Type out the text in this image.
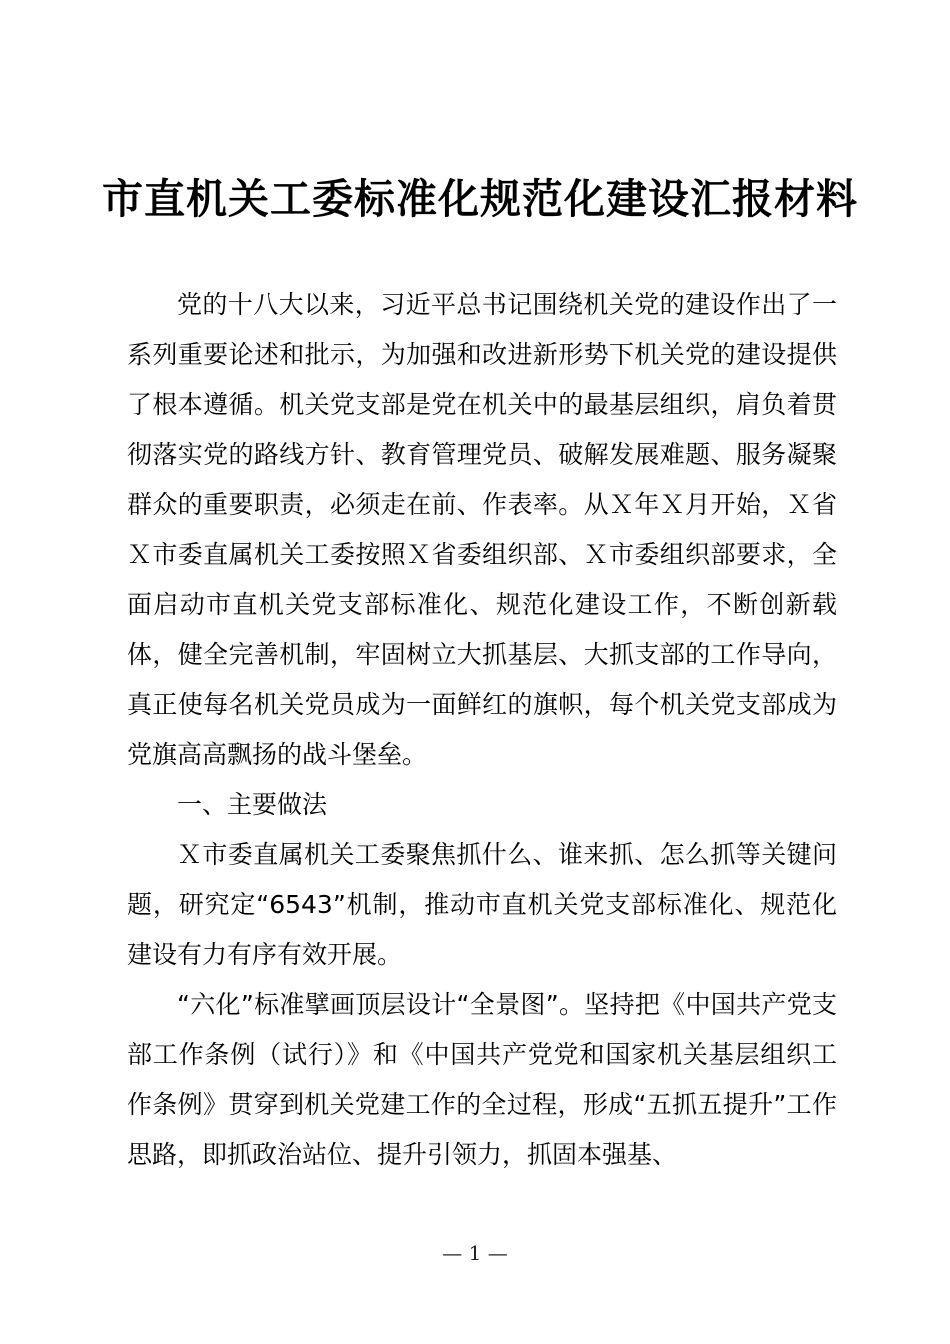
市直机关工委标准化规范化建设汇报材料

党的十八大以来，习近平总书记围绕机关党的建设作出了一系列重要论述和批示，为加强和改进新形势下机关党的建设提供了根本遵循。机关党支部是党在机关中的最基层组织，肩负着贯彻落实党的路线方针、教育管理党员、破解发展难题、服务凝聚群众的重要职责，必须走在前、作表率。从Ｘ年Ｘ月开始，Ｘ省Ｘ市委直属机关工委按照Ｘ省委组织部、Ｘ市委组织部要求，全面启动市直机关党支部标准化、规范化建设工作，不断创新载体，健全完善机制，牢固树立大抓基层、大抓支部的工作导向，真正使每名机关党员成为一面鲜红的旗帜，每个机关党支部成为党旗高高飘扬的战斗堡垒。

一、主要做法

Ｘ市委直属机关工委聚焦抓什么、谁来抓、怎么抓等关键问题，研究定“6543”机制，推动市直机关党支部标准化、规范化建设有力有序有效开展。

“六化”标准擘画顶层设计“全景图”。坚持把《中国共产党支部工作条例（试行）》和《中国共产党党和国家机关基层组织工作条例》贯穿到机关党建工作的全过程，形成“五抓五提升”工作思路，即抓政治站位、提升引领力，抓固本强基、

— 1 —
